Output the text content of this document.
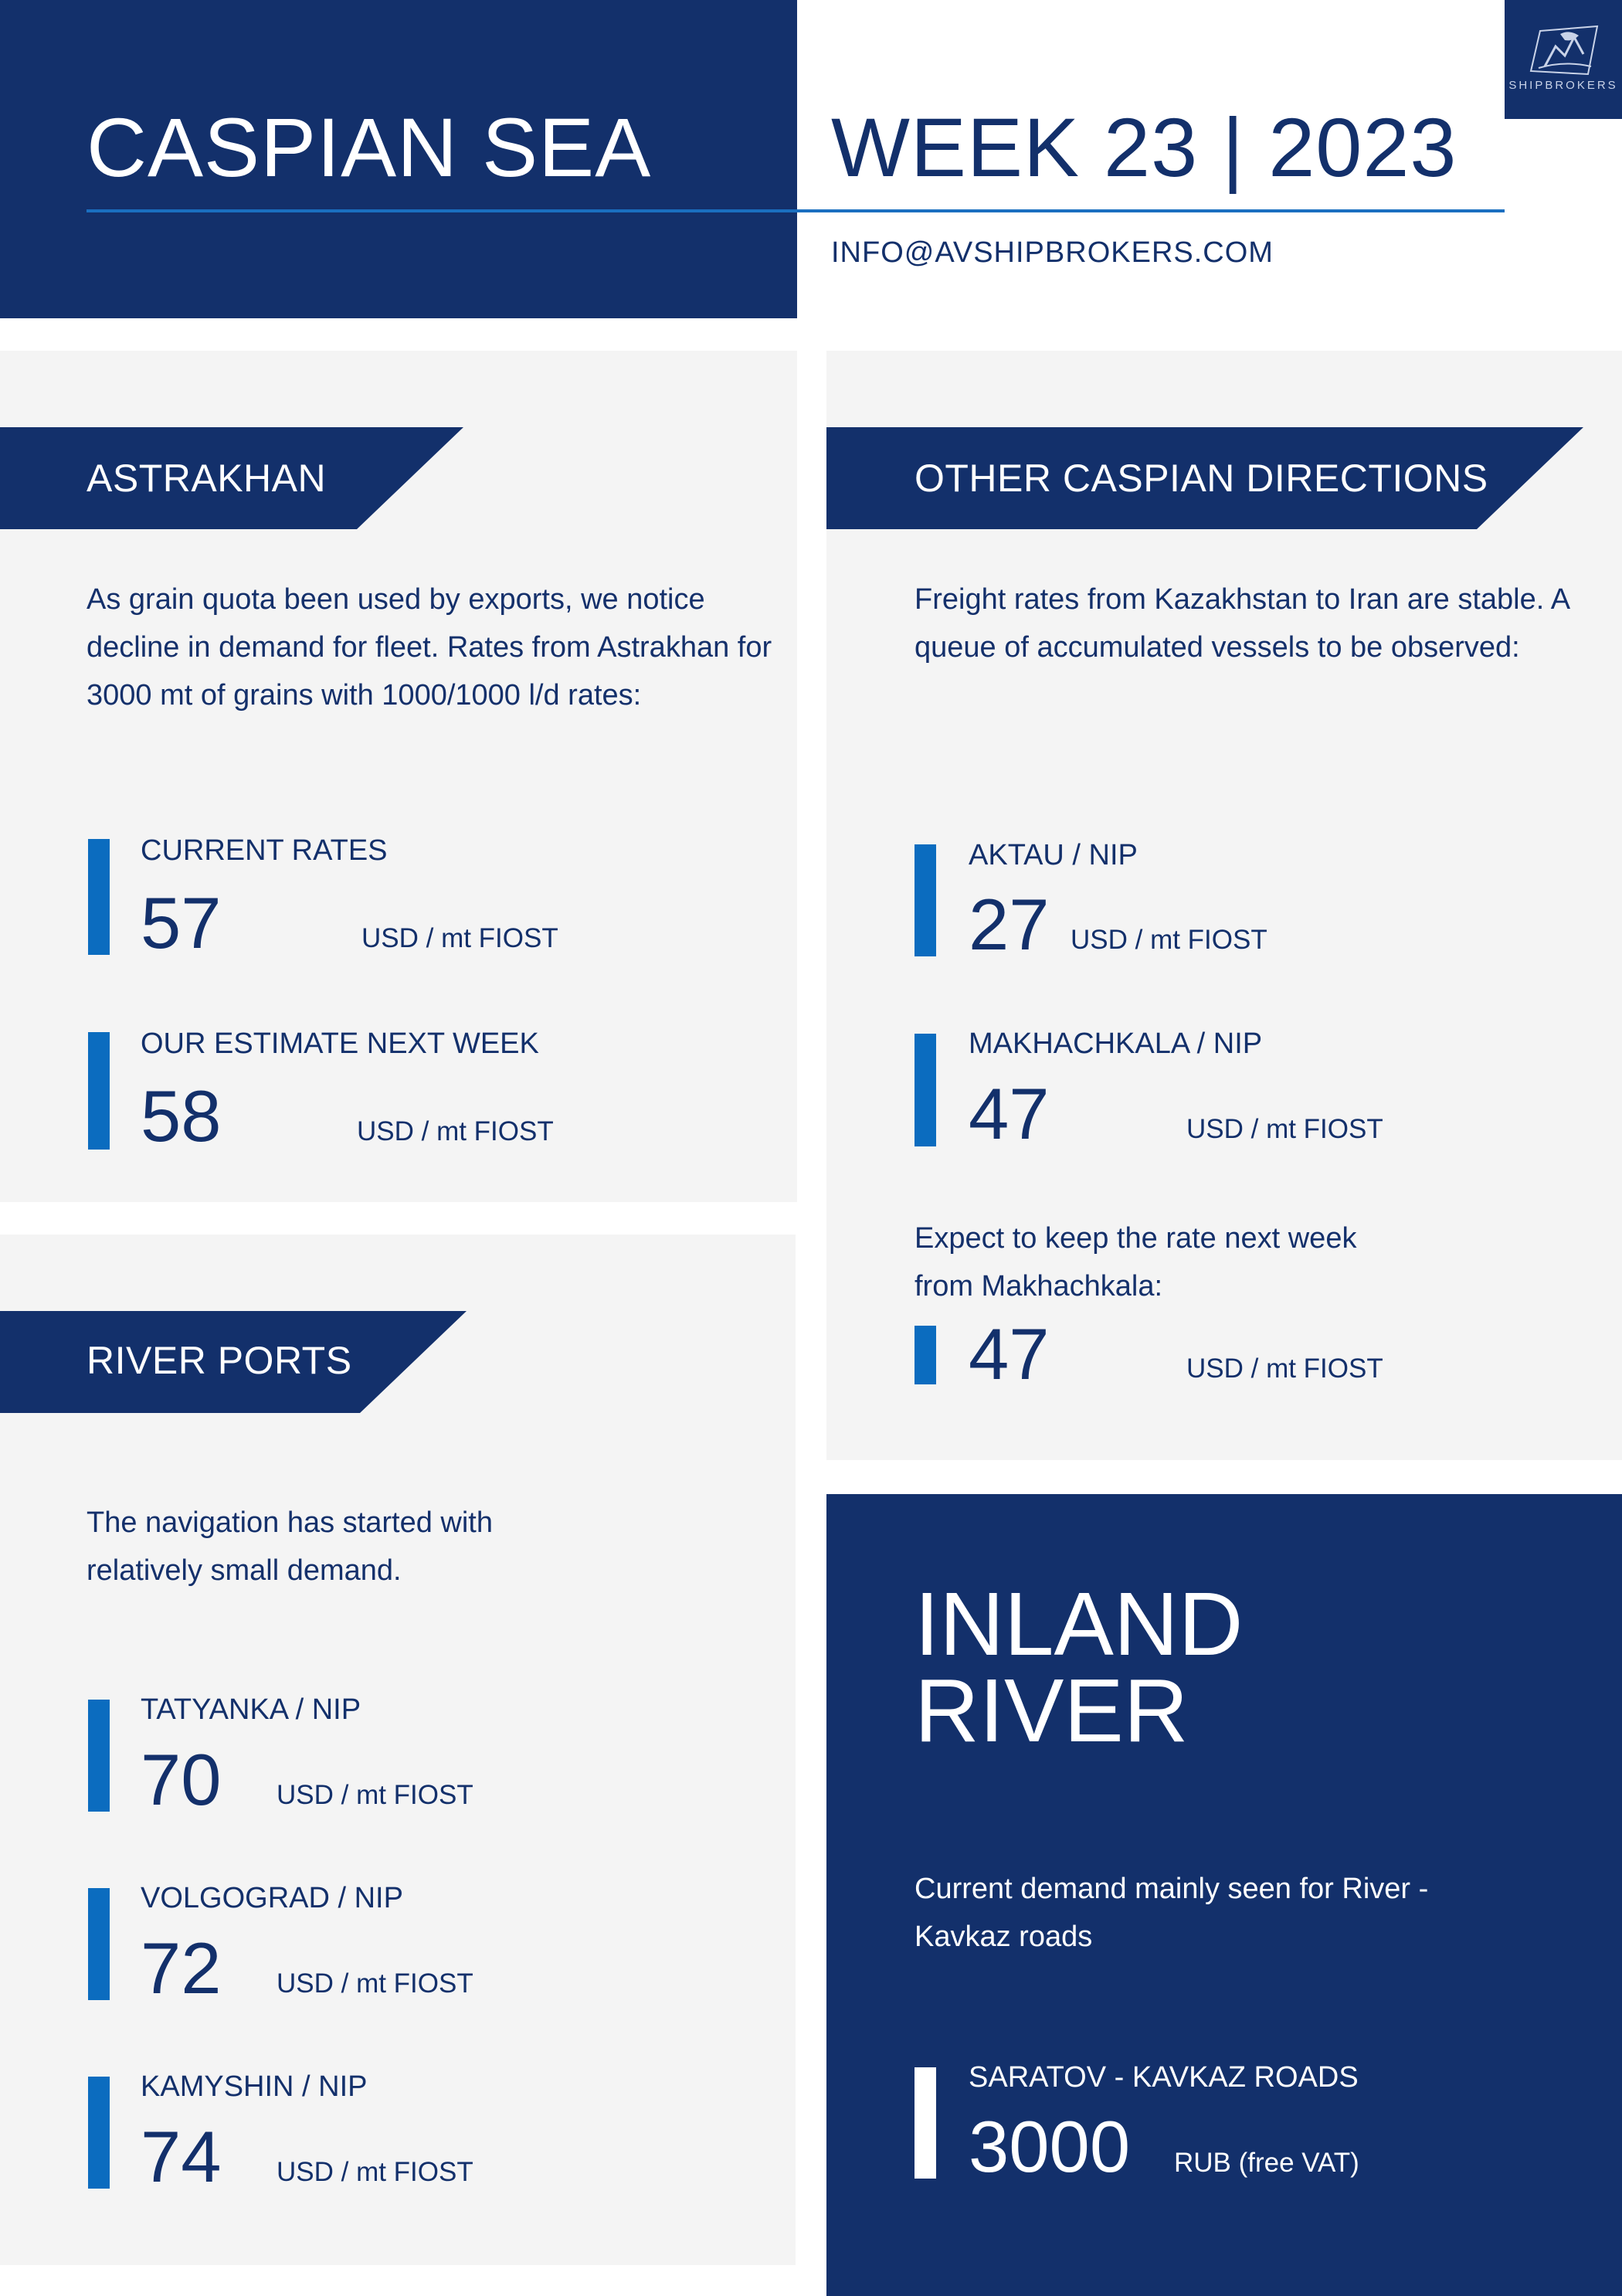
CASPIAN SEA WEEK 23 | 2023
INFO@AVSHIPBROKERS.COM
SHIPBROKERS
ASTRAKHAN
As grain quota been used by exports, we notice decline in demand for fleet. Rates from Astrakhan for 3000 mt of grains with 1000/1000 l/d rates:
CURRENT RATES
57	USD / mt FIOST
OUR ESTIMATE NEXT WEEK
58	USD / mt FIOST
OTHER CASPIAN DIRECTIONS
Freight rates from Kazakhstan to Iran are stable. A queue of accumulated vessels to be observed:
AKTAU / NIP
27 USD / mt FIOST
MAKHACHKALA / NIP
47	USD / mt FIOST
Expect to keep the rate next week
from Makhachkala:
47	USD / mt FIOST
RIVER PORTS
The navigation has started with
relatively small demand.
TATYANKA / NIP
70 USD / mt FIOST
VOLGOGRAD / NIP
72 USD / mt FIOST
KAMYSHIN / NIP
74 USD / mt FIOST
INLAND
RIVER
Current demand mainly seen for River -
Kavkaz roads
SARATOV - KAVKAZ ROADS
3000 RUB (free VAT)
